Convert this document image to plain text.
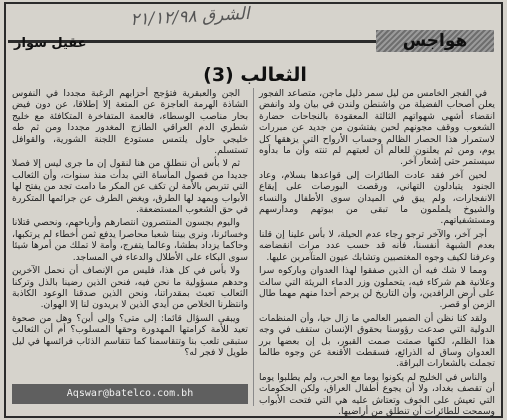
الشرق ٢١/١٢/٩٨
هواجس
عقيل سوار
الثعالب (3)

في الفجر الخامس من ليل سمر ذليل ماجن، متصاعد الفجور يعلن أصحاب الفضيلة من واشنطن ولندن في بيان ولد وانفض انقضاء أشهى شهواتهم الثالثة المعقودة بالنجاحات حضارة الشعوب ووقف مجونهم لحين يفتشون من جديد عن مبررات لاستمرار هذا الحصار الظالم وحساب الأرواح التي يزهقها كل يوم، ومن ثم يعلنون للعالم أن لعبتهم لم تنته وأن ما بدأوه سيستمر حتى إشعار آخر.

لحين آخر فقد عادت الطائرات إلى قواعدها بسلام، وعاد الجنود يتبادلون التهاني، ورقصت البورصات على إيقاع الانفجارات، ولم يبق في الميدان سوى الأطفال والنساء والشيوخ يلملمون ما تبقى من بيوتهم ومدارسهم ومستشفياتهم.

أجر آخر، والآخر ترجو رجاء عدم الحيلة، لا بأس علينا إن قلنا بعدم الشبهة أنفسنا، فأنه قد حسب عدد مرات انقضاضه وعرفنا لكيف وجوه المغتصبين وتشابك عيون المتآمرين عليها.

ومما لا شك فيه أن الذين صفقوا لهذا العدوان وباركوه سرا وعلانية هم شركاء فيه، يتحملون وزر الدماء البريئة التي سالت على أرض الرافدين، وأن التاريخ لن يرحم أحدا منهم مهما طال الزمن أو قصر.

ولقد كنا نظن أن الضمير العالمي ما زال حيا، وأن المنظمات الدولية التي صدعت رؤوسنا بحقوق الإنسان ستقف في وجه هذا الظلم، لكنها صمتت صمت القبور، بل إن بعضها برر العدوان وساق له الذرائع، فسقطت الأقنعة عن وجوه طالما تجملت بالشعارات البراقة.

والناس في الخليج لم يكونوا يوما مع الحرب، ولم يطلبوا يوما أن تقصف بغداد، ولا أن يجوع أطفال العراق، ولكن الحكومات التي تعيش على الخوف وتعتاش عليه هي التي فتحت الأبواب وسمحت للطائرات أن تنطلق من أراضيها.

الجن والعبقرية فتؤجج أحزابهم الرغبة مجددا في النفوس الشاذة الهرمة العاجزة عن المتعة إلا إطلاقا، عن دون فيض بحار مناصب الوسطاء، فالعمة المتفاخرة المتكافئة مع خليج شطري الدم العراقي الطازج المغدور مجددا ومن ثم طه خليجي حاول يلتمس مستودع اللجنة الشورية، والقوافل تستسلم.

ثم لا بأس أن ننطلق من هنا لنقول إن ما جرى ليس إلا فصلا جديدا من فصول المأساة التي بدأت منذ سنوات، وأن الثعالب التي تتربص بالأمة لن تكف عن المكر ما دامت تجد من يفتح لها الأبواب ويمهد لها الطرق، ويغض الطرف عن جرائمها المتكررة في حق الشعوب المستضعفة.

واليوم بجسون المنتصرون انتصارهم وأرباحهم، ونحصي قتلانا وخسائرنا، ونرى بيننا شعبا محاصرا يدفع ثمن أخطاء لم يرتكبها، وحاكما يزداد بطشا، وعالما يتفرج، وأمة لا تملك من أمرها شيئا سوى البكاء على الأطلال والدعاء في المساجد.

ولا بأس في كل هذا، فليس من الإنصاف أن نحمل الآخرين وحدهم مسؤولية ما نحن فيه، فنحن الذين رضينا بالذل وتركنا الثعالب تعبث بمقدراتنا، ونحن الذين صدقنا الوعود الكاذبة وانتظرنا الخلاص من أيدي الذين لا يريدون لنا إلا الهوان.

ويبقى السؤال قائما: إلى متى؟ وإلى أين؟ وهل من صحوة تعيد للأمة كرامتها المهدورة وحقها المسلوب؟ أم أن الثعالب ستبقى تلعب بنا وتتقاسمنا كما تتقاسم الذئاب فرائسها في ليل طويل لا فجر له؟

Aqswar@batelco.com.bh
